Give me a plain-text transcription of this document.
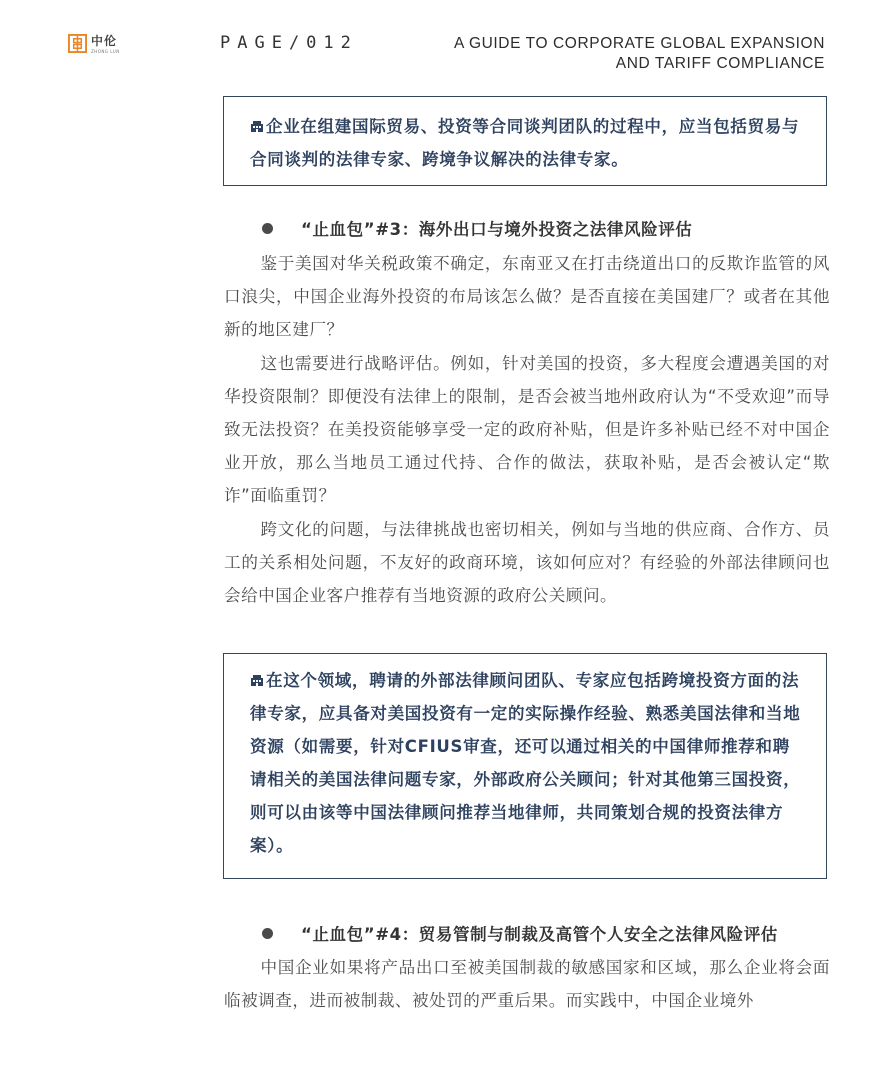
中伦
ZHONG LUN	PAGE/012	A GUIDE TO CORPORATE GLOBAL EXPANSION
AND TARIFF COMPLIANCE

企业在组建国际贸易、投资等合同谈判团队的过程中，应当包括贸易与合同谈判的法律专家、跨境争议解决的法律专家。

“止血包”#3：海外出口与境外投资之法律风险评估

鉴于美国对华关税政策不确定，东南亚又在打击绕道出口的反欺诈监管的风口浪尖，中国企业海外投资的布局该怎么做？是否直接在美国建厂？或者在其他新的地区建厂？

这也需要进行战略评估。例如，针对美国的投资，多大程度会遭遇美国的对华投资限制？即便没有法律上的限制，是否会被当地州政府认为“不受欢迎”而导致无法投资？在美投资能够享受一定的政府补贴，但是许多补贴已经不对中国企业开放，那么当地员工通过代持、合作的做法，获取补贴，是否会被认定“欺诈”面临重罚？

跨文化的问题，与法律挑战也密切相关，例如与当地的供应商、合作方、员工的关系相处问题，不友好的政商环境，该如何应对？有经验的外部法律顾问也会给中国企业客户推荐有当地资源的政府公关顾问。

在这个领域，聘请的外部法律顾问团队、专家应包括跨境投资方面的法律专家，应具备对美国投资有一定的实际操作经验、熟悉美国法律和当地资源（如需要，针对CFIUS审查，还可以通过相关的中国律师推荐和聘请相关的美国法律问题专家，外部政府公关顾问；针对其他第三国投资，则可以由该等中国法律顾问推荐当地律师，共同策划合规的投资法律方案）。

“止血包”#4：贸易管制与制裁及高管个人安全之法律风险评估

中国企业如果将产品出口至被美国制裁的敏感国家和区域，那么企业将会面临被调查，进而被制裁、被处罚的严重后果。而实践中，中国企业境外
